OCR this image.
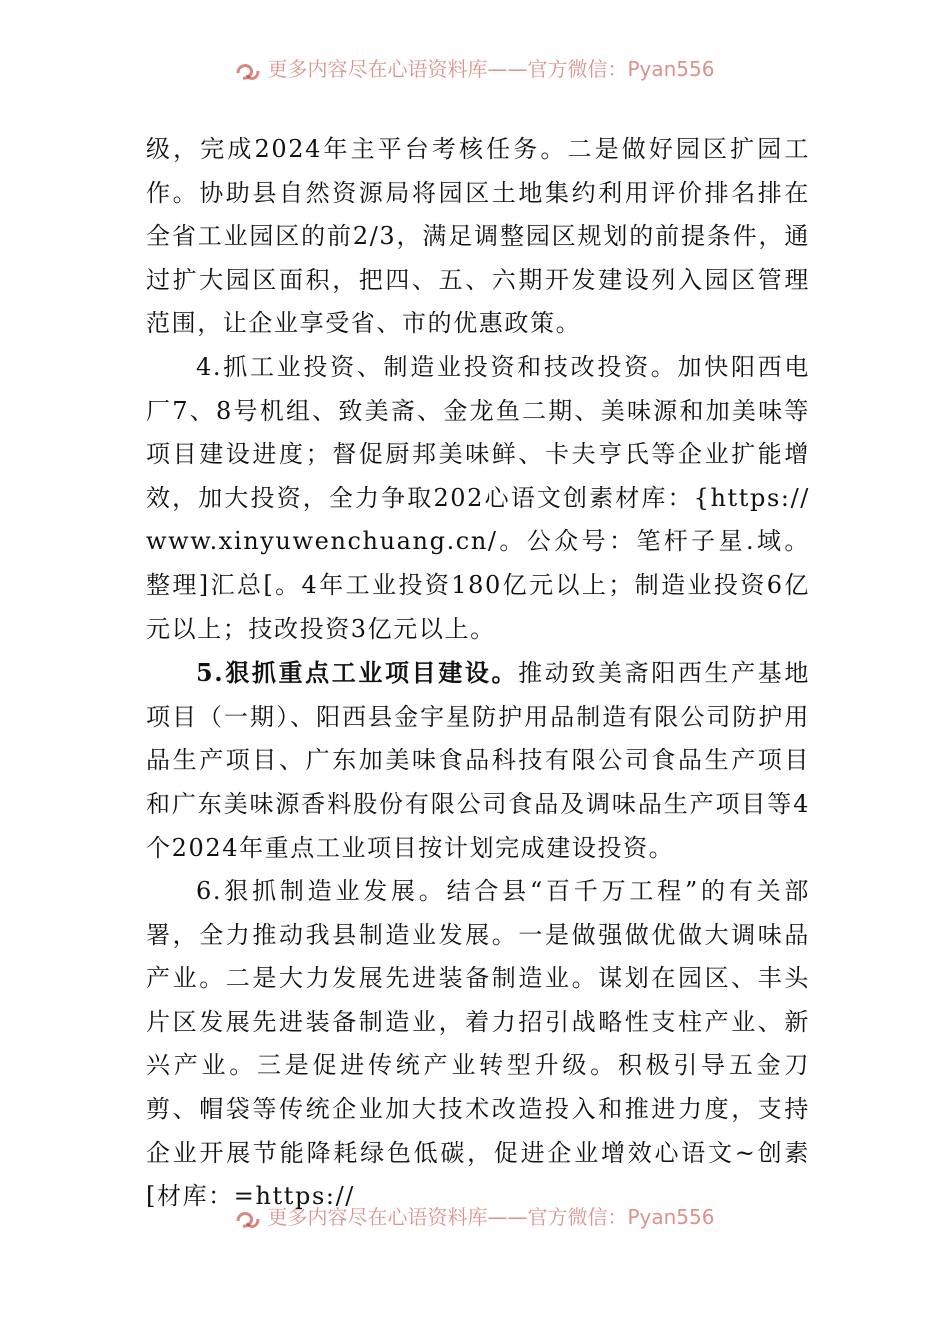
更多内容尽在心语资料库——官方微信：Pyan556

级，完成2024年主平台考核任务。二是做好园区扩园工作。协助县自然资源局将园区土地集约利用评价排名排在全省工业园区的前2/3，满足调整园区规划的前提条件，通过扩大园区面积，把四、五、六期开发建设列入园区管理范围，让企业享受省、市的优惠政策。

4.抓工业投资、制造业投资和技改投资。加快阳西电厂7、8号机组、致美斋、金龙鱼二期、美味源和加美味等项目建设进度；督促厨邦美味鲜、卡夫亨氏等企业扩能增效，加大投资，全力争取202心语文创素材库：{https://www.xinyuwenchuang.cn/。公众号：笔杆子星.域。整理]汇总[。4年工业投资180亿元以上；制造业投资6亿元以上；技改投资3亿元以上。

5.狠抓重点工业项目建设。推动致美斋阳西生产基地项目（一期）、阳西县金宇星防护用品制造有限公司防护用品生产项目、广东加美味食品科技有限公司食品生产项目和广东美味源香料股份有限公司食品及调味品生产项目等4个2024年重点工业项目按计划完成建设投资。

6.狠抓制造业发展。结合县“百千万工程”的有关部署，全力推动我县制造业发展。一是做强做优做大调味品产业。二是大力发展先进装备制造业。谋划在园区、丰头片区发展先进装备制造业，着力招引战略性支柱产业、新兴产业。三是促进传统产业转型升级。积极引导五金刀剪、帽袋等传统企业加大技术改造投入和推进力度，支持企业开展节能降耗绿色低碳，促进企业增效心语文~创素[材库：=https://

更多内容尽在心语资料库——官方微信：Pyan556
